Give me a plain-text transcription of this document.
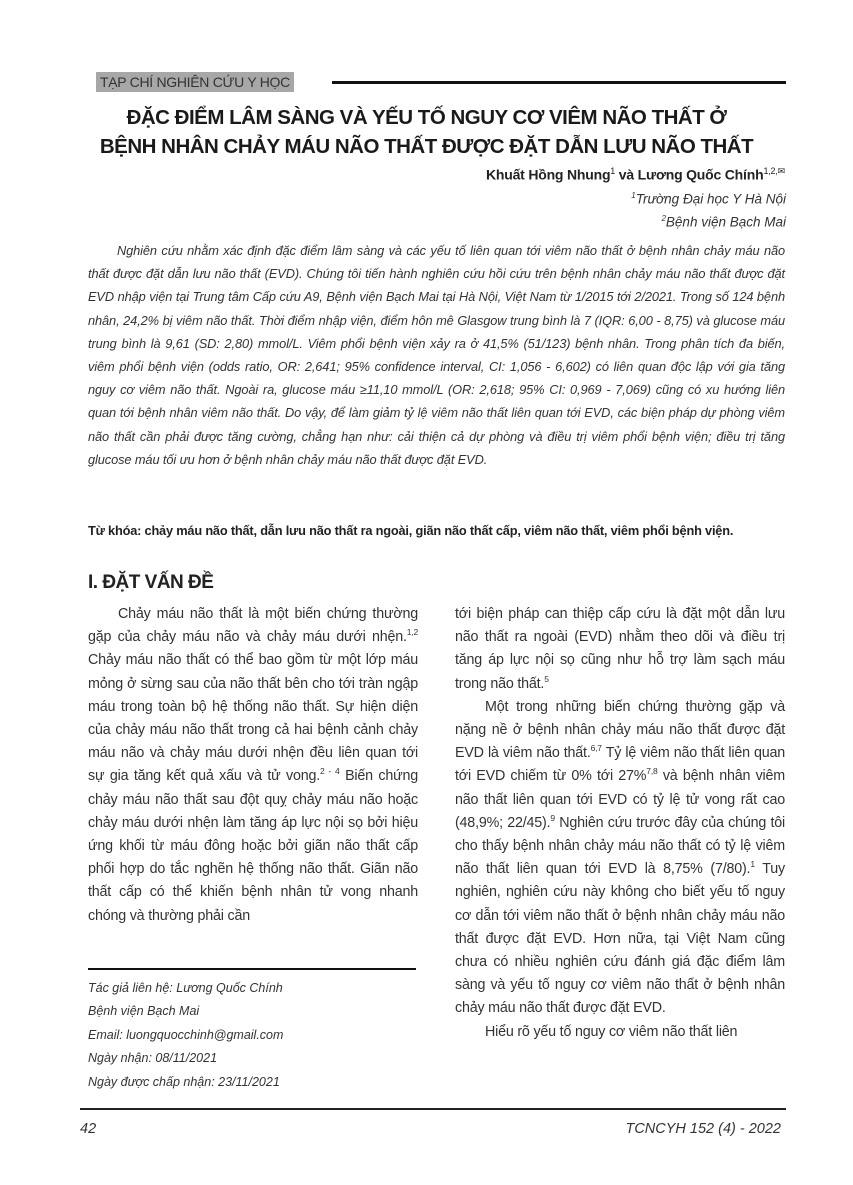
TẠP CHÍ NGHIÊN CỨU Y HỌC
ĐẶC ĐIỂM LÂM SÀNG VÀ YẾU TỐ NGUY CƠ VIÊM NÃO THẤT Ở
BỆNH NHÂN CHẢY MÁU NÃO THẤT ĐƯỢC ĐẶT DẪN LƯU NÃO THẤT
Khuất Hồng Nhung$^1$ và Lương Quốc Chính$^{1,2,✉}$
$^1$Trường Đại học Y Hà Nội
$^2$Bệnh viện Bạch Mai

Nghiên cứu nhằm xác định đặc điểm lâm sàng và các yếu tố liên quan tới viêm não thất ở bệnh nhân chảy máu não thất được đặt dẫn lưu não thất (EVD). Chúng tôi tiến hành nghiên cứu hồi cứu trên bệnh nhân chảy máu não thất được đặt EVD nhập viện tại Trung tâm Cấp cứu A9, Bệnh viện Bạch Mai tại Hà Nội, Việt Nam từ 1/2015 tới 2/2021. Trong số 124 bệnh nhân, 24,2% bị viêm não thất. Thời điểm nhập viện, điểm hôn mê Glasgow trung bình là 7 (IQR: 6,00 - 8,75) và glucose máu trung bình là 9,61 (SD: 2,80) mmol/L. Viêm phổi bệnh viện xảy ra ở 41,5% (51/123) bệnh nhân. Trong phân tích đa biến, viêm phổi bệnh viện (odds ratio, OR: 2,641; 95% confidence interval, CI: 1,056 - 6,602) có liên quan độc lập với gia tăng nguy cơ viêm não thất. Ngoài ra, glucose máu ≥11,10 mmol/L (OR: 2,618; 95% CI: 0,969 - 7,069) cũng có xu hướng liên quan tới bệnh nhân viêm não thất. Do vậy, để làm giảm tỷ lệ viêm não thất liên quan tới EVD, các biện pháp dự phòng viêm não thất cần phải được tăng cường, chẳng hạn như: cải thiện cả dự phòng và điều trị viêm phổi bệnh viện; điều trị tăng glucose máu tối ưu hơn ở bệnh nhân chảy máu não thất được đặt EVD.

Từ khóa: chảy máu não thất, dẫn lưu não thất ra ngoài, giãn não thất cấp, viêm não thất, viêm phổi bệnh viện.

I. ĐẶT VẤN ĐỀ

Chảy máu não thất là một biến chứng thường gặp của chảy máu não và chảy máu dưới nhện.$^{1,2}$ Chảy máu não thất có thể bao gồm từ một lớp máu mỏng ở sừng sau của não thất bên cho tới tràn ngập máu trong toàn bộ hệ thống não thất. Sự hiện diện của chảy máu não thất trong cả hai bệnh cảnh chảy máu não và chảy máu dưới nhện đều liên quan tới sự gia tăng kết quả xấu và tử vong.$^{2 - 4}$ Biến chứng chảy máu não thất sau đột quỵ chảy máu não hoặc chảy máu dưới nhện làm tăng áp lực nội sọ bởi hiệu ứng khối từ máu đông hoặc bởi giãn não thất cấp phối hợp do tắc nghẽn hệ thống não thất. Giãn não thất cấp có thể khiến bệnh nhân tử vong nhanh chóng và thường phải cần

tới biện pháp can thiệp cấp cứu là đặt một dẫn lưu não thất ra ngoài (EVD) nhằm theo dõi và điều trị tăng áp lực nội sọ cũng như hỗ trợ làm sạch máu trong não thất.$^5$

Một trong những biến chứng thường gặp và nặng nề ở bệnh nhân chảy máu não thất được đặt EVD là viêm não thất.$^{6,7}$ Tỷ lệ viêm não thất liên quan tới EVD chiếm từ 0% tới 27%$^{7,8}$ và bệnh nhân viêm não thất liên quan tới EVD có tỷ lệ tử vong rất cao (48,9%; 22/45).$^9$ Nghiên cứu trước đây của chúng tôi cho thấy bệnh nhân chảy máu não thất có tỷ lệ viêm não thất liên quan tới EVD là 8,75% (7/80).$^1$ Tuy nghiên, nghiên cứu này không cho biết yếu tố nguy cơ dẫn tới viêm não thất ở bệnh nhân chảy máu não thất được đặt EVD. Hơn nữa, tại Việt Nam cũng chưa có nhiều nghiên cứu đánh giá đặc điểm lâm sàng và yếu tố nguy cơ viêm não thất ở bệnh nhân chảy máu não thất được đặt EVD.

Hiểu rõ yếu tố nguy cơ viêm não thất liên

Tác giả liên hệ: Lương Quốc Chính
Bệnh viện Bạch Mai
Email: luongquocchinh@gmail.com
Ngày nhận: 08/11/2021
Ngày được chấp nhận: 23/11/2021
42	TCNCYH 152 (4) - 2022
